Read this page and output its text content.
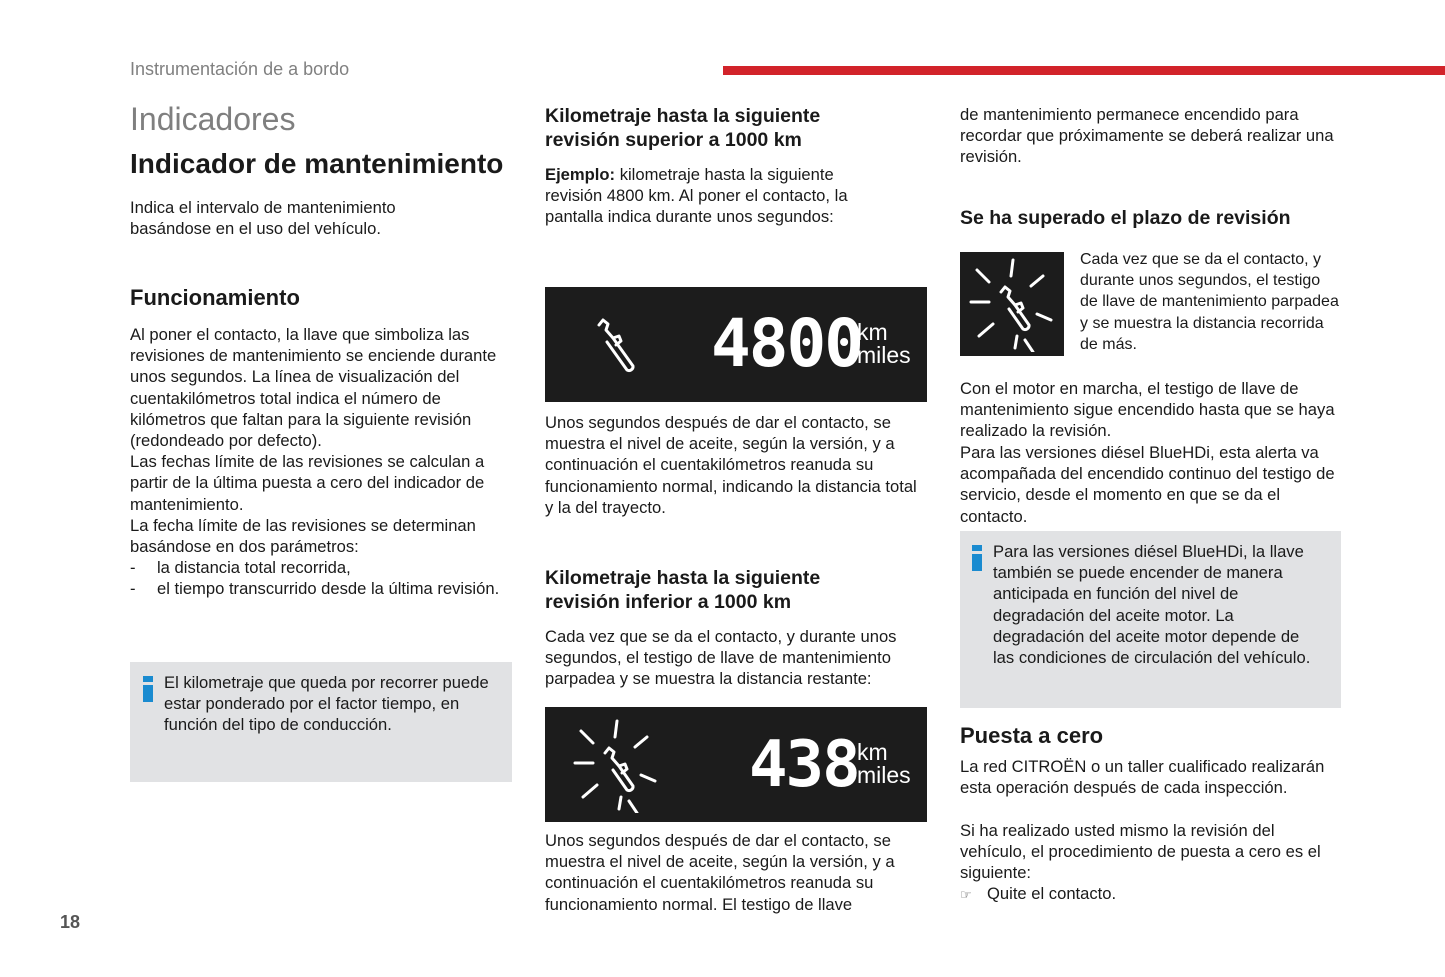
Instrumentación de a bordo
Indicadores
Indicador de mantenimiento
Indica el intervalo de mantenimiento basándose en el uso del vehículo.
Funcionamiento
Al poner el contacto, la llave que simboliza las revisiones de mantenimiento se enciende durante unos segundos. La línea de visualización del cuentakilómetros total indica el número de kilómetros que faltan para la siguiente revisión (redondeado por defecto).
Las fechas límite de las revisiones se calculan a partir de la última puesta a cero del indicador de mantenimiento.
La fecha límite de las revisiones se determinan basándose en dos parámetros:
- la distancia total recorrida,
- el tiempo transcurrido desde la última revisión.
El kilometraje que queda por recorrer puede estar ponderado por el factor tiempo, en función del tipo de conducción.
Kilometraje hasta la siguiente revisión superior a 1000 km
Ejemplo: kilometraje hasta la siguiente revisión 4800 km. Al poner el contacto, la pantalla indica durante unos segundos:
4800
km
miles
Unos segundos después de dar el contacto, se muestra el nivel de aceite, según la versión, y a continuación el cuentakilómetros reanuda su funcionamiento normal, indicando la distancia total y la del trayecto.
Kilometraje hasta la siguiente revisión inferior a 1000 km
Cada vez que se da el contacto, y durante unos segundos, el testigo de llave de mantenimiento parpadea y se muestra la distancia restante:
438
km
miles
Unos segundos después de dar el contacto, se muestra el nivel de aceite, según la versión, y a continuación el cuentakilómetros reanuda su funcionamiento normal. El testigo de llave
de mantenimiento permanece encendido para recordar que próximamente se deberá realizar una revisión.
Se ha superado el plazo de revisión
Cada vez que se da el contacto, y durante unos segundos, el testigo de llave de mantenimiento parpadea y se muestra la distancia recorrida de más.
Con el motor en marcha, el testigo de llave de mantenimiento sigue encendido hasta que se haya realizado la revisión.
Para las versiones diésel BlueHDi, esta alerta va acompañada del encendido continuo del testigo de servicio, desde el momento en que se da el contacto.
Para las versiones diésel BlueHDi, la llave también se puede encender de manera anticipada en función del nivel de degradación del aceite motor. La degradación del aceite motor depende de las condiciones de circulación del vehículo.
Puesta a cero
La red CITROËN o un taller cualificado realizarán esta operación después de cada inspección.
Si ha realizado usted mismo la revisión del vehículo, el procedimiento de puesta a cero es el siguiente:
☞ Quite el contacto.
18
